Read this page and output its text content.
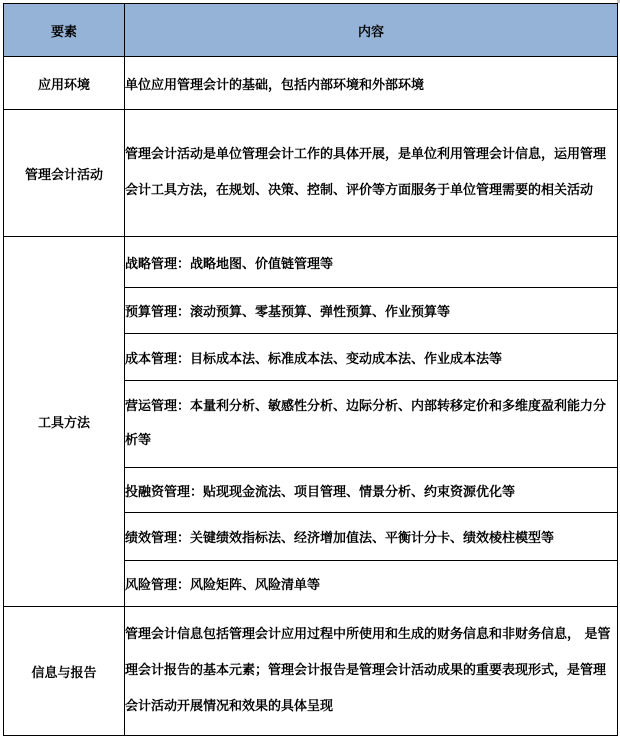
要素	内容
应用环境	单位应用管理会计的基础，包括内部环境和外部环境
管理会计活动	管理会计活动是单位管理会计工作的具体开展，是单位利用管理会计信息，运用管理会计工具方法，在规划、决策、控制、评价等方面服务于单位管理需要的相关活动
工具方法	战略管理：战略地图、价值链管理等
	预算管理：滚动预算、零基预算、弹性预算、作业预算等
	成本管理：目标成本法、标准成本法、变动成本法、作业成本法等
	营运管理：本量利分析、敏感性分析、边际分析、内部转移定价和多维度盈利能力分析等
	投融资管理：贴现现金流法、项目管理、情景分析、约束资源优化等
	绩效管理：关键绩效指标法、经济增加值法、平衡计分卡、绩效棱柱模型等
	风险管理：风险矩阵、风险清单等
信息与报告	管理会计信息包括管理会计应用过程中所使用和生成的财务信息和非财务信息， 是管理会计报告的基本元素；管理会计报告是管理会计活动成果的重要表现形式，是管理会计活动开展情况和效果的具体呈现
